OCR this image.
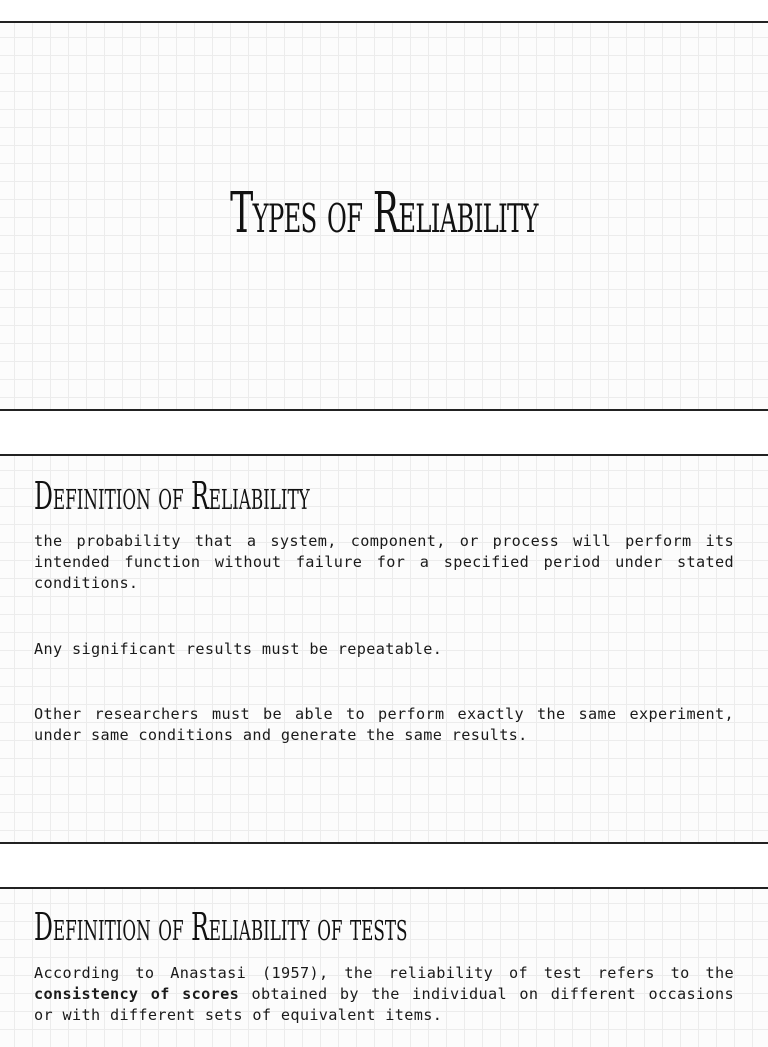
Types of Reliability
Definition of Reliability

the probability that a system, component, or process will perform its intended function without failure for a specified period under stated conditions.

Any significant results must be repeatable.

Other researchers must be able to perform exactly the same experiment, under same conditions and generate the same results.

Definition of Reliability of tests

According to Anastasi (1957), the reliability of test refers to the consistency of scores obtained by the individual on different occasions or with different sets of equivalent items.
